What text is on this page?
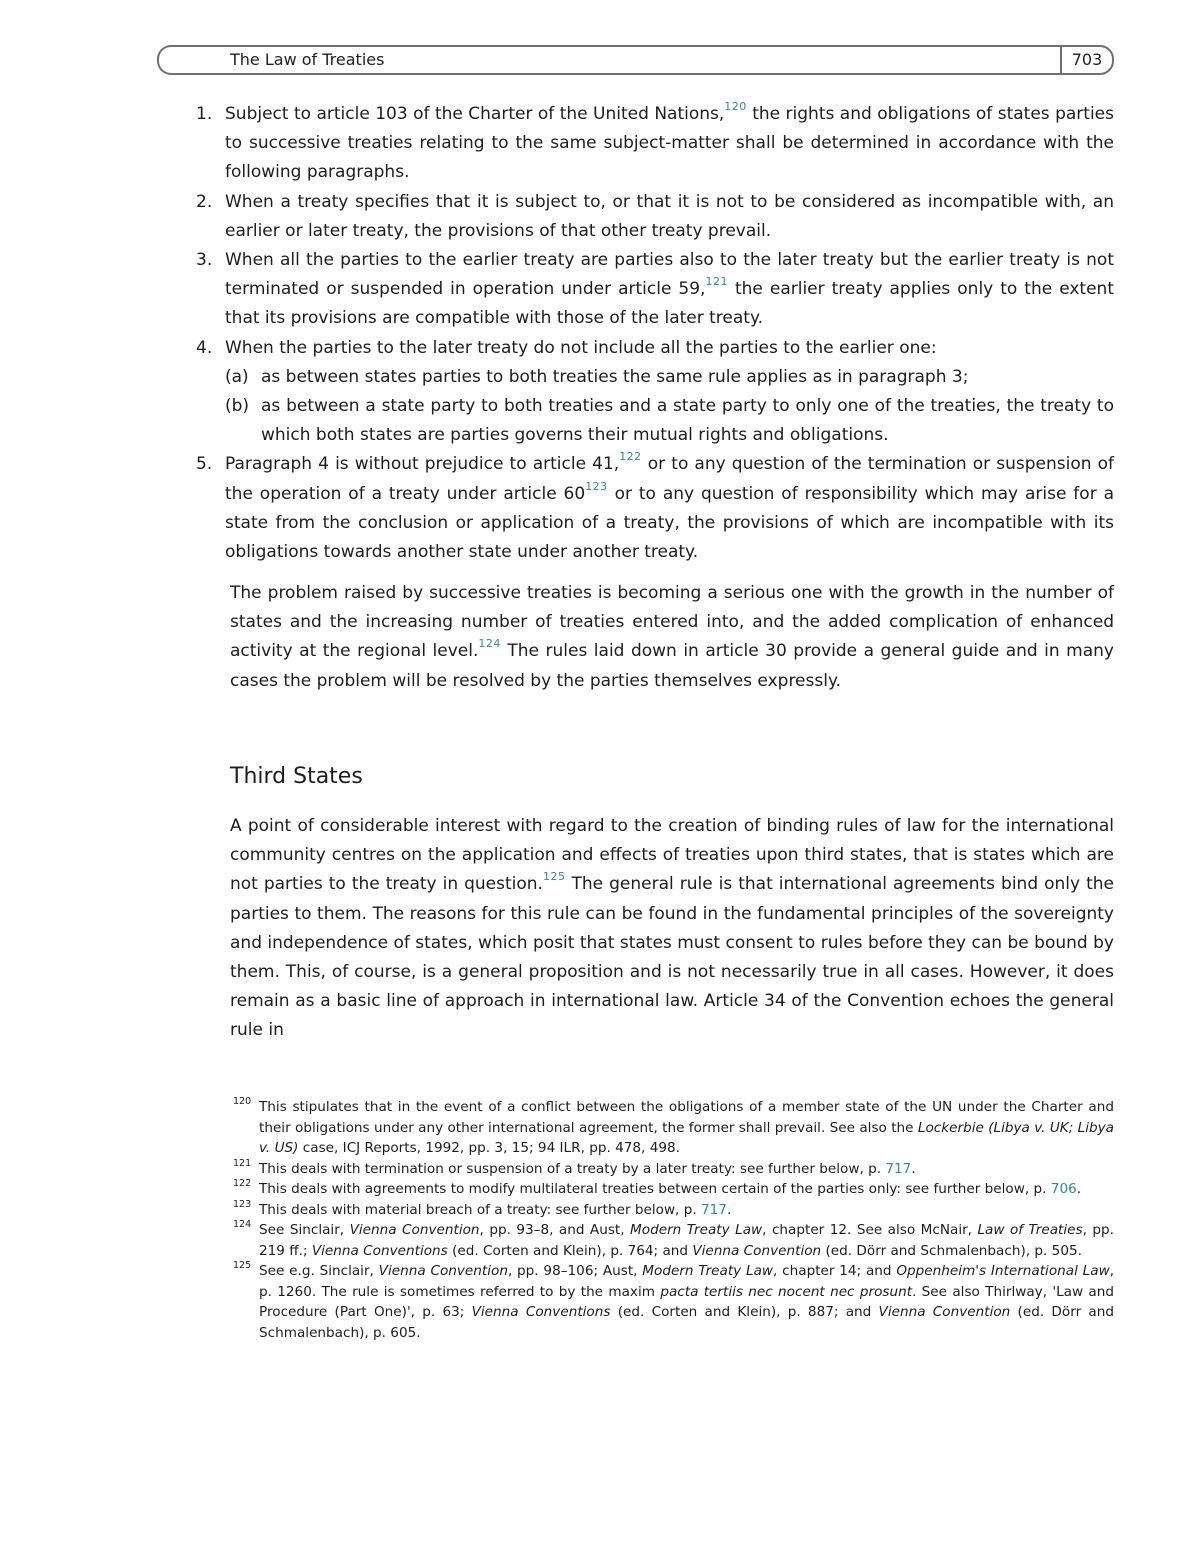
The Law of Treaties	703
1. Subject to article 103 of the Charter of the United Nations,$^{120}$ the rights and obligations of states parties to successive treaties relating to the same subject-matter shall be determined in accordance with the following paragraphs.
2. When a treaty specifies that it is subject to, or that it is not to be considered as incompatible with, an earlier or later treaty, the provisions of that other treaty prevail.
3. When all the parties to the earlier treaty are parties also to the later treaty but the earlier treaty is not terminated or suspended in operation under article 59,$^{121}$ the earlier treaty applies only to the extent that its provisions are compatible with those of the later treaty.
4. When the parties to the later treaty do not include all the parties to the earlier one:
(a) as between states parties to both treaties the same rule applies as in paragraph 3;
(b) as between a state party to both treaties and a state party to only one of the treaties, the treaty to which both states are parties governs their mutual rights and obligations.
5. Paragraph 4 is without prejudice to article 41,$^{122}$ or to any question of the termination or suspension of the operation of a treaty under article $60^{123}$ or to any question of responsibility which may arise for a state from the conclusion or application of a treaty, the provisions of which are incompatible with its obligations towards another state under another treaty.

The problem raised by successive treaties is becoming a serious one with the growth in the number of states and the increasing number of treaties entered into, and the added complication of enhanced activity at the regional level.$^{124}$ The rules laid down in article 30 provide a general guide and in many cases the problem will be resolved by the parties themselves expressly.

Third States

A point of considerable interest with regard to the creation of binding rules of law for the international community centres on the application and effects of treaties upon third states, that is states which are not parties to the treaty in question.$^{125}$ The general rule is that international agreements bind only the parties to them. The reasons for this rule can be found in the fundamental principles of the sovereignty and independence of states, which posit that states must consent to rules before they can be bound by them. This, of course, is a general proposition and is not necessarily true in all cases. However, it does remain as a basic line of approach in international law. Article 34 of the Convention echoes the general rule in

120 This stipulates that in the event of a conflict between the obligations of a member state of the UN under the Charter and their obligations under any other international agreement, the former shall prevail. See also the Lockerbie (Libya v. UK; Libya v. US) case, ICJ Reports, 1992, pp. 3, 15; 94 ILR, pp. 478, 498.
121 This deals with termination or suspension of a treaty by a later treaty: see further below, p. 717.
122 This deals with agreements to modify multilateral treaties between certain of the parties only: see further below, p. 706.
123 This deals with material breach of a treaty: see further below, p. 717.
124 See Sinclair, Vienna Convention, pp. 93–8, and Aust, Modern Treaty Law, chapter 12. See also McNair, Law of Treaties, pp. 219 ff.; Vienna Conventions (ed. Corten and Klein), p. 764; and Vienna Convention (ed. Dörr and Schmalenbach), p. 505.
125 See e.g. Sinclair, Vienna Convention, pp. 98–106; Aust, Modern Treaty Law, chapter 14; and Oppenheim's International Law, p. 1260. The rule is sometimes referred to by the maxim pacta tertiis nec nocent nec prosunt. See also Thirlway, 'Law and Procedure (Part One)', p. 63; Vienna Conventions (ed. Corten and Klein), p. 887; and Vienna Convention (ed. Dörr and Schmalenbach), p. 605.
